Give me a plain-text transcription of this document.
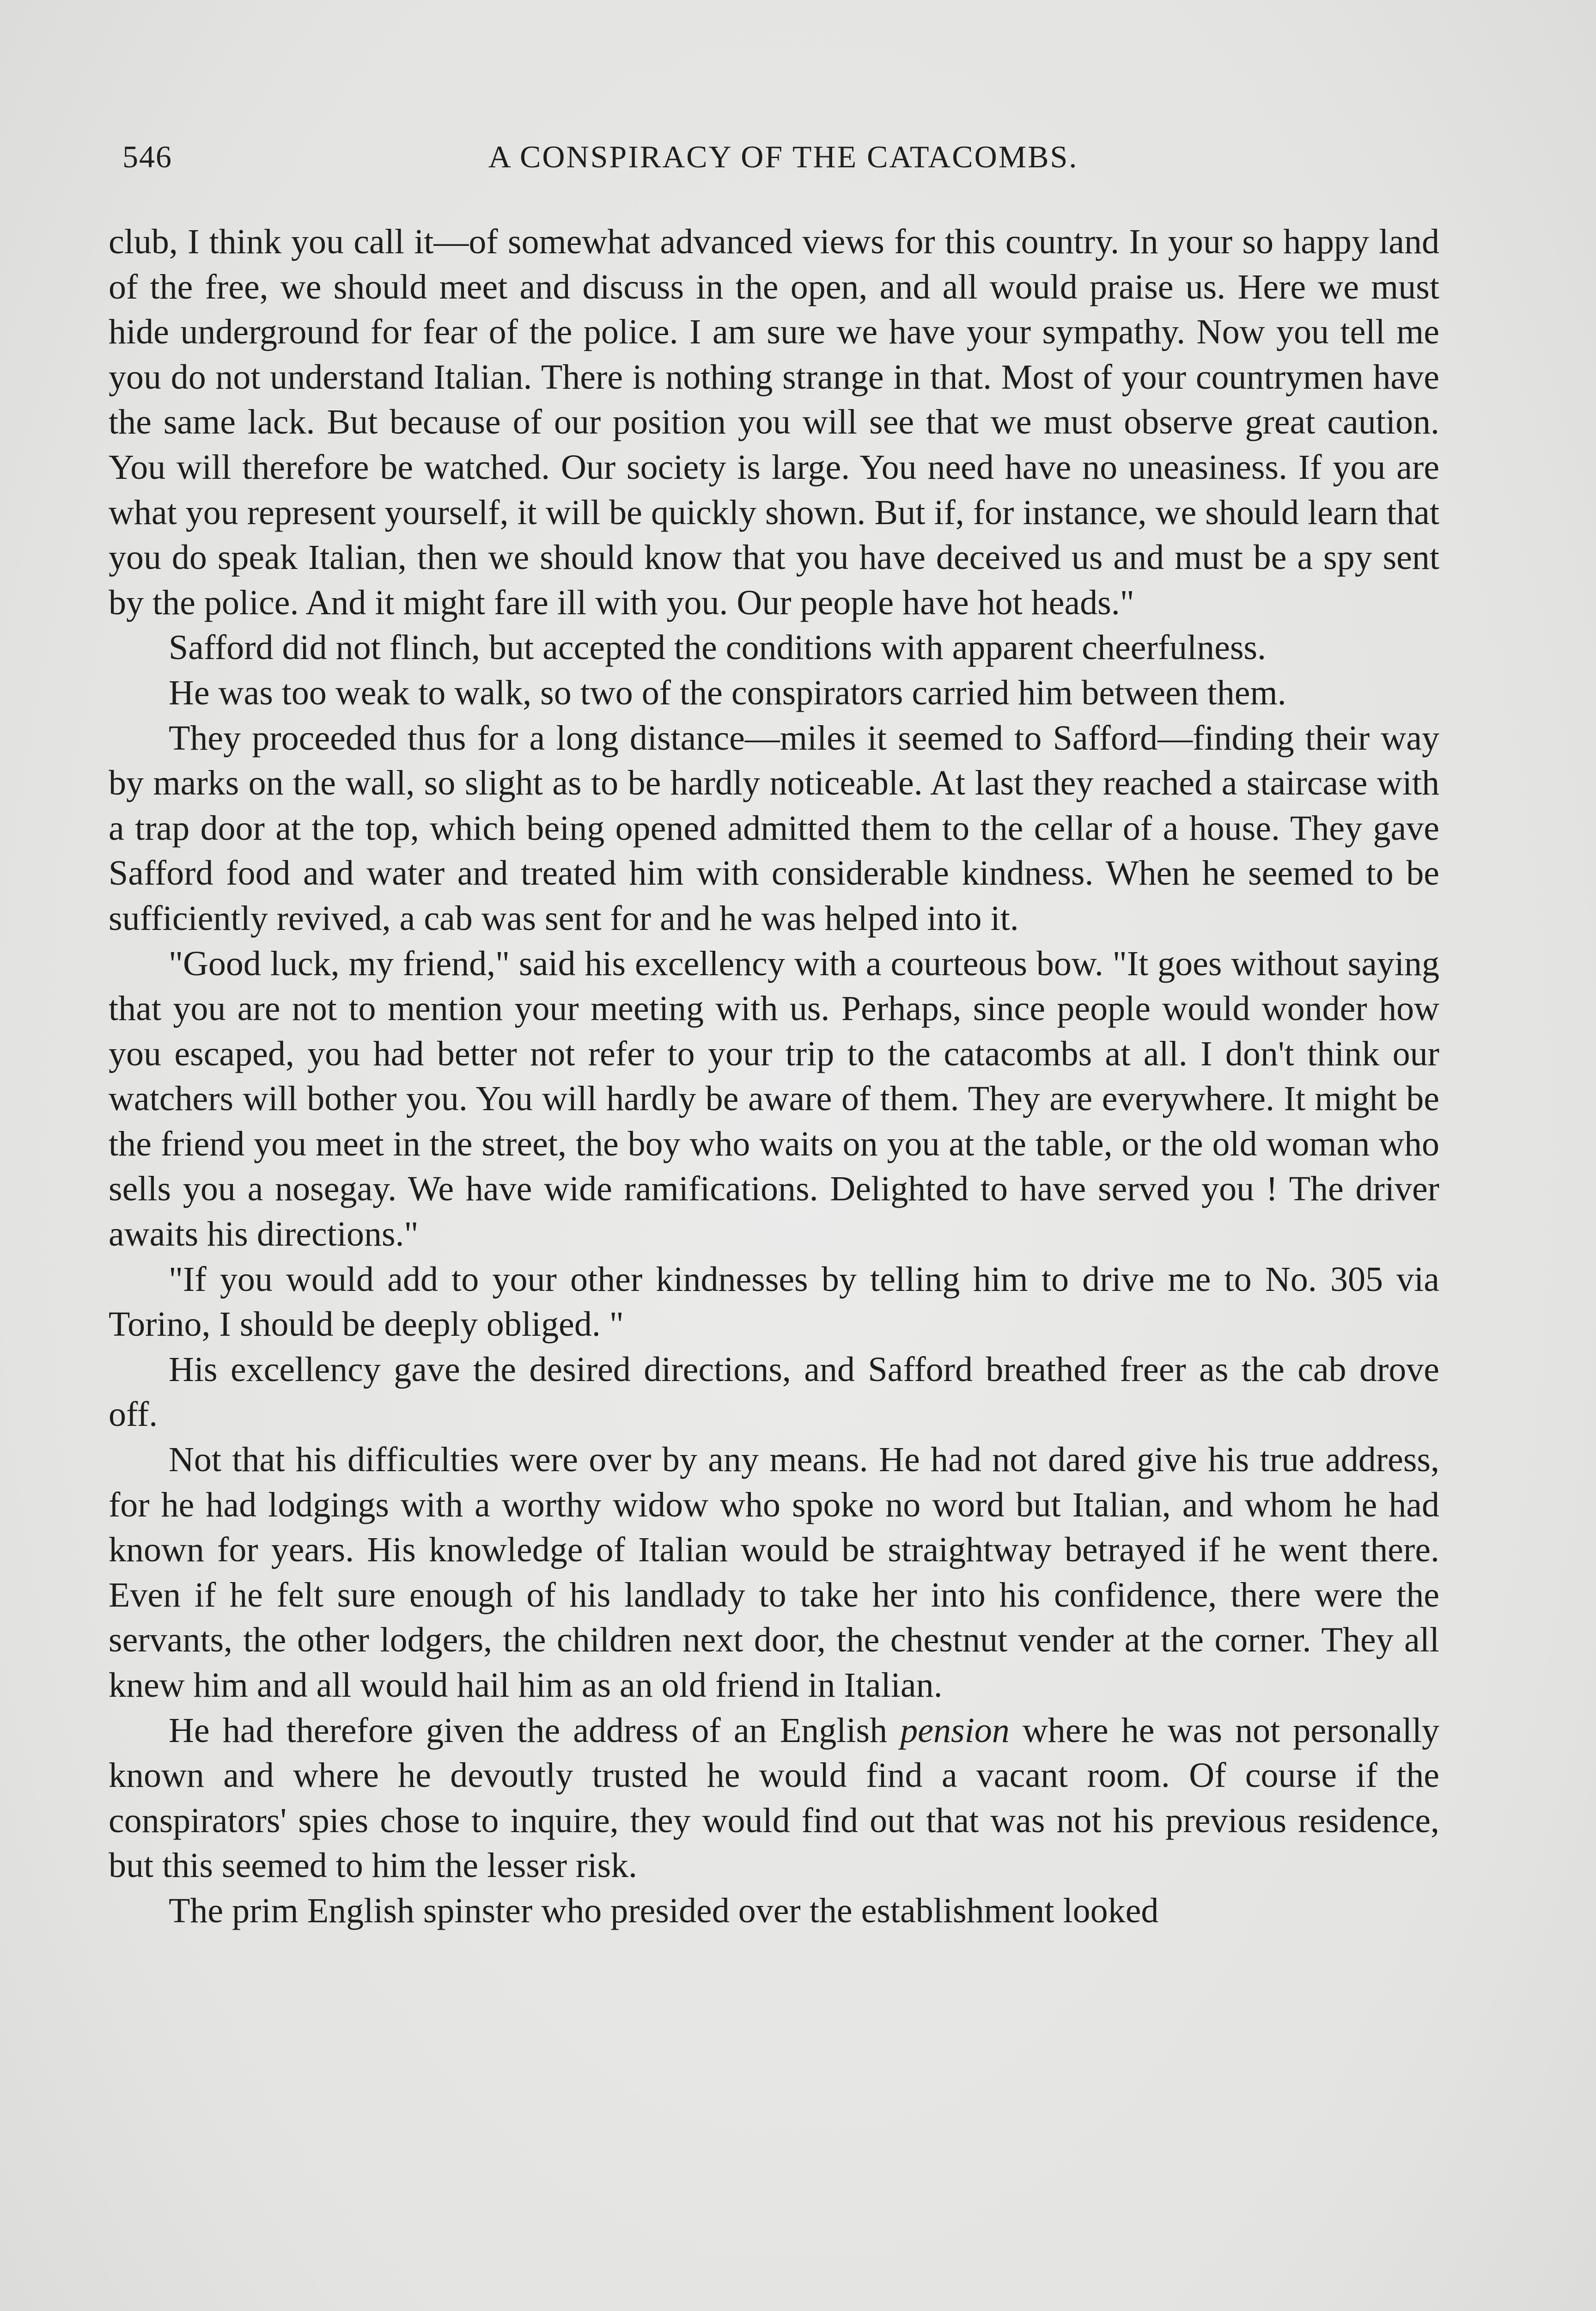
546	A CONSPIRACY OF THE CATACOMBS.

club, I think you call it—of somewhat advanced views for this country. In your so happy land of the free, we should meet and discuss in the open, and all would praise us. Here we must hide underground for fear of the police. I am sure we have your sympathy. Now you tell me you do not understand Italian. There is nothing strange in that. Most of your countrymen have the same lack. But because of our position you will see that we must observe great caution. You will therefore be watched. Our society is large. You need have no uneasiness. If you are what you represent yourself, it will be quickly shown. But if, for instance, we should learn that you do speak Italian, then we should know that you have deceived us and must be a spy sent by the police. And it might fare ill with you. Our people have hot heads."

Safford did not flinch, but accepted the conditions with apparent cheerfulness.

He was too weak to walk, so two of the conspirators carried him between them.

They proceeded thus for a long distance—miles it seemed to Safford—finding their way by marks on the wall, so slight as to be hardly noticeable. At last they reached a staircase with a trap door at the top, which being opened admitted them to the cellar of a house. They gave Safford food and water and treated him with considerable kindness. When he seemed to be sufficiently revived, a cab was sent for and he was helped into it.

"Good luck, my friend," said his excellency with a courteous bow. "It goes without saying that you are not to mention your meeting with us. Perhaps, since people would wonder how you escaped, you had better not refer to your trip to the catacombs at all. I don't think our watchers will bother you. You will hardly be aware of them. They are everywhere. It might be the friend you meet in the street, the boy who waits on you at the table, or the old woman who sells you a nosegay. We have wide ramifications. Delighted to have served you ! The driver awaits his directions."

"If you would add to your other kindnesses by telling him to drive me to No. 305 via Torino, I should be deeply obliged. "

His excellency gave the desired directions, and Safford breathed freer as the cab drove off.

Not that his difficulties were over by any means. He had not dared give his true address, for he had lodgings with a worthy widow who spoke no word but Italian, and whom he had known for years. His knowledge of Italian would be straightway betrayed if he went there. Even if he felt sure enough of his landlady to take her into his confidence, there were the servants, the other lodgers, the children next door, the chestnut vender at the corner. They all knew him and all would hail him as an old friend in Italian.

He had therefore given the address of an English pension where he was not personally known and where he devoutly trusted he would find a vacant room. Of course if the conspirators' spies chose to inquire, they would find out that was not his previous residence, but this seemed to him the lesser risk.

The prim English spinster who presided over the establishment looked
